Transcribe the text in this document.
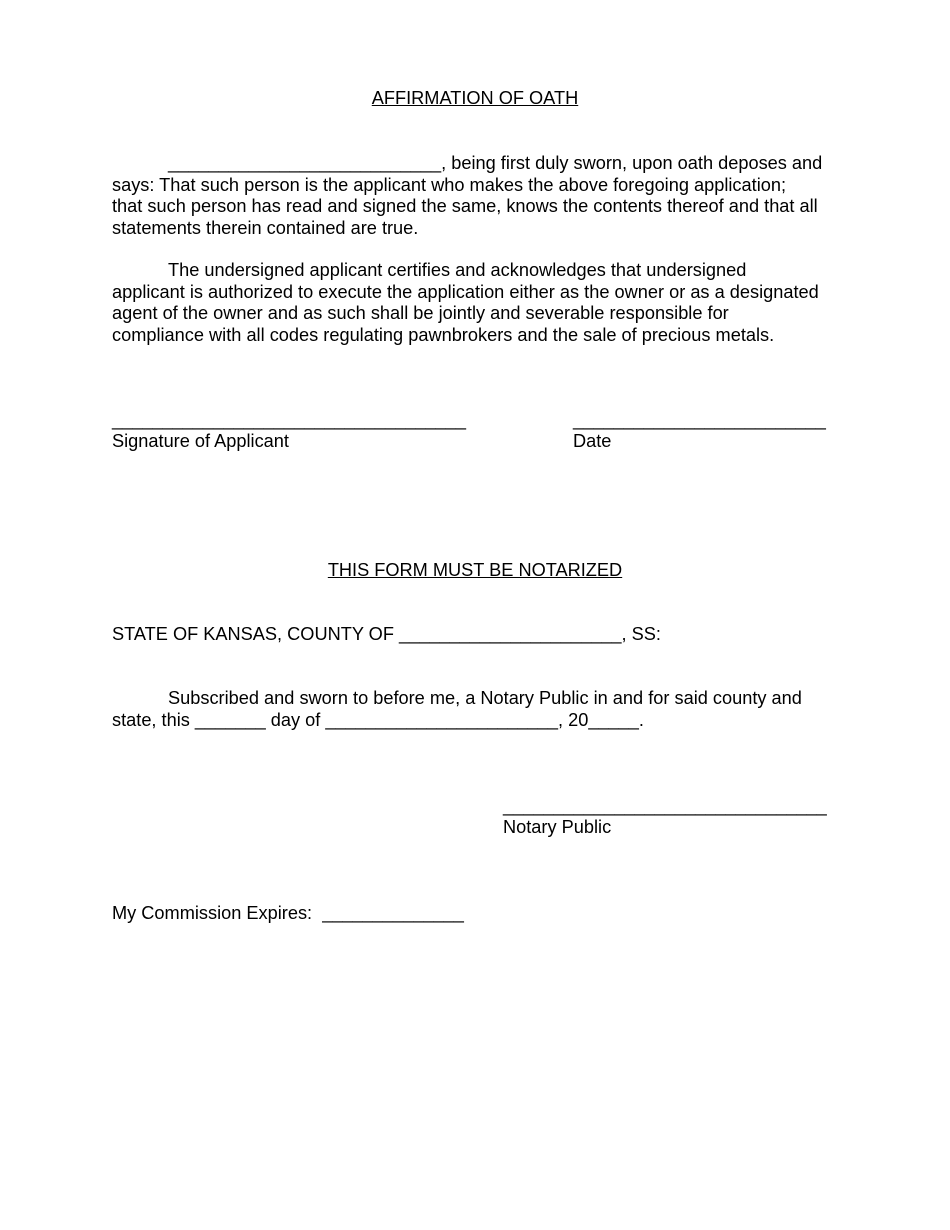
AFFIRMATION OF OATH
___________________________, being first duly sworn, upon oath deposes and
says: That such person is the applicant who makes the above foregoing application;
that such person has read and signed the same, knows the contents thereof and that all
statements therein contained are true.
The undersigned applicant certifies and acknowledges that undersigned
applicant is authorized to execute the application either as the owner or as a designated
agent of the owner and as such shall be jointly and severable responsible for
compliance with all codes regulating pawnbrokers and the sale of precious metals.
___________________________________
Signature of Applicant
_________________________
Date
THIS FORM MUST BE NOTARIZED
STATE OF KANSAS, COUNTY OF ______________________, SS:
Subscribed and sworn to before me, a Notary Public in and for said county and
state, this _______ day of _______________________, 20_____.
________________________________
Notary Public
My Commission Expires:  ______________
